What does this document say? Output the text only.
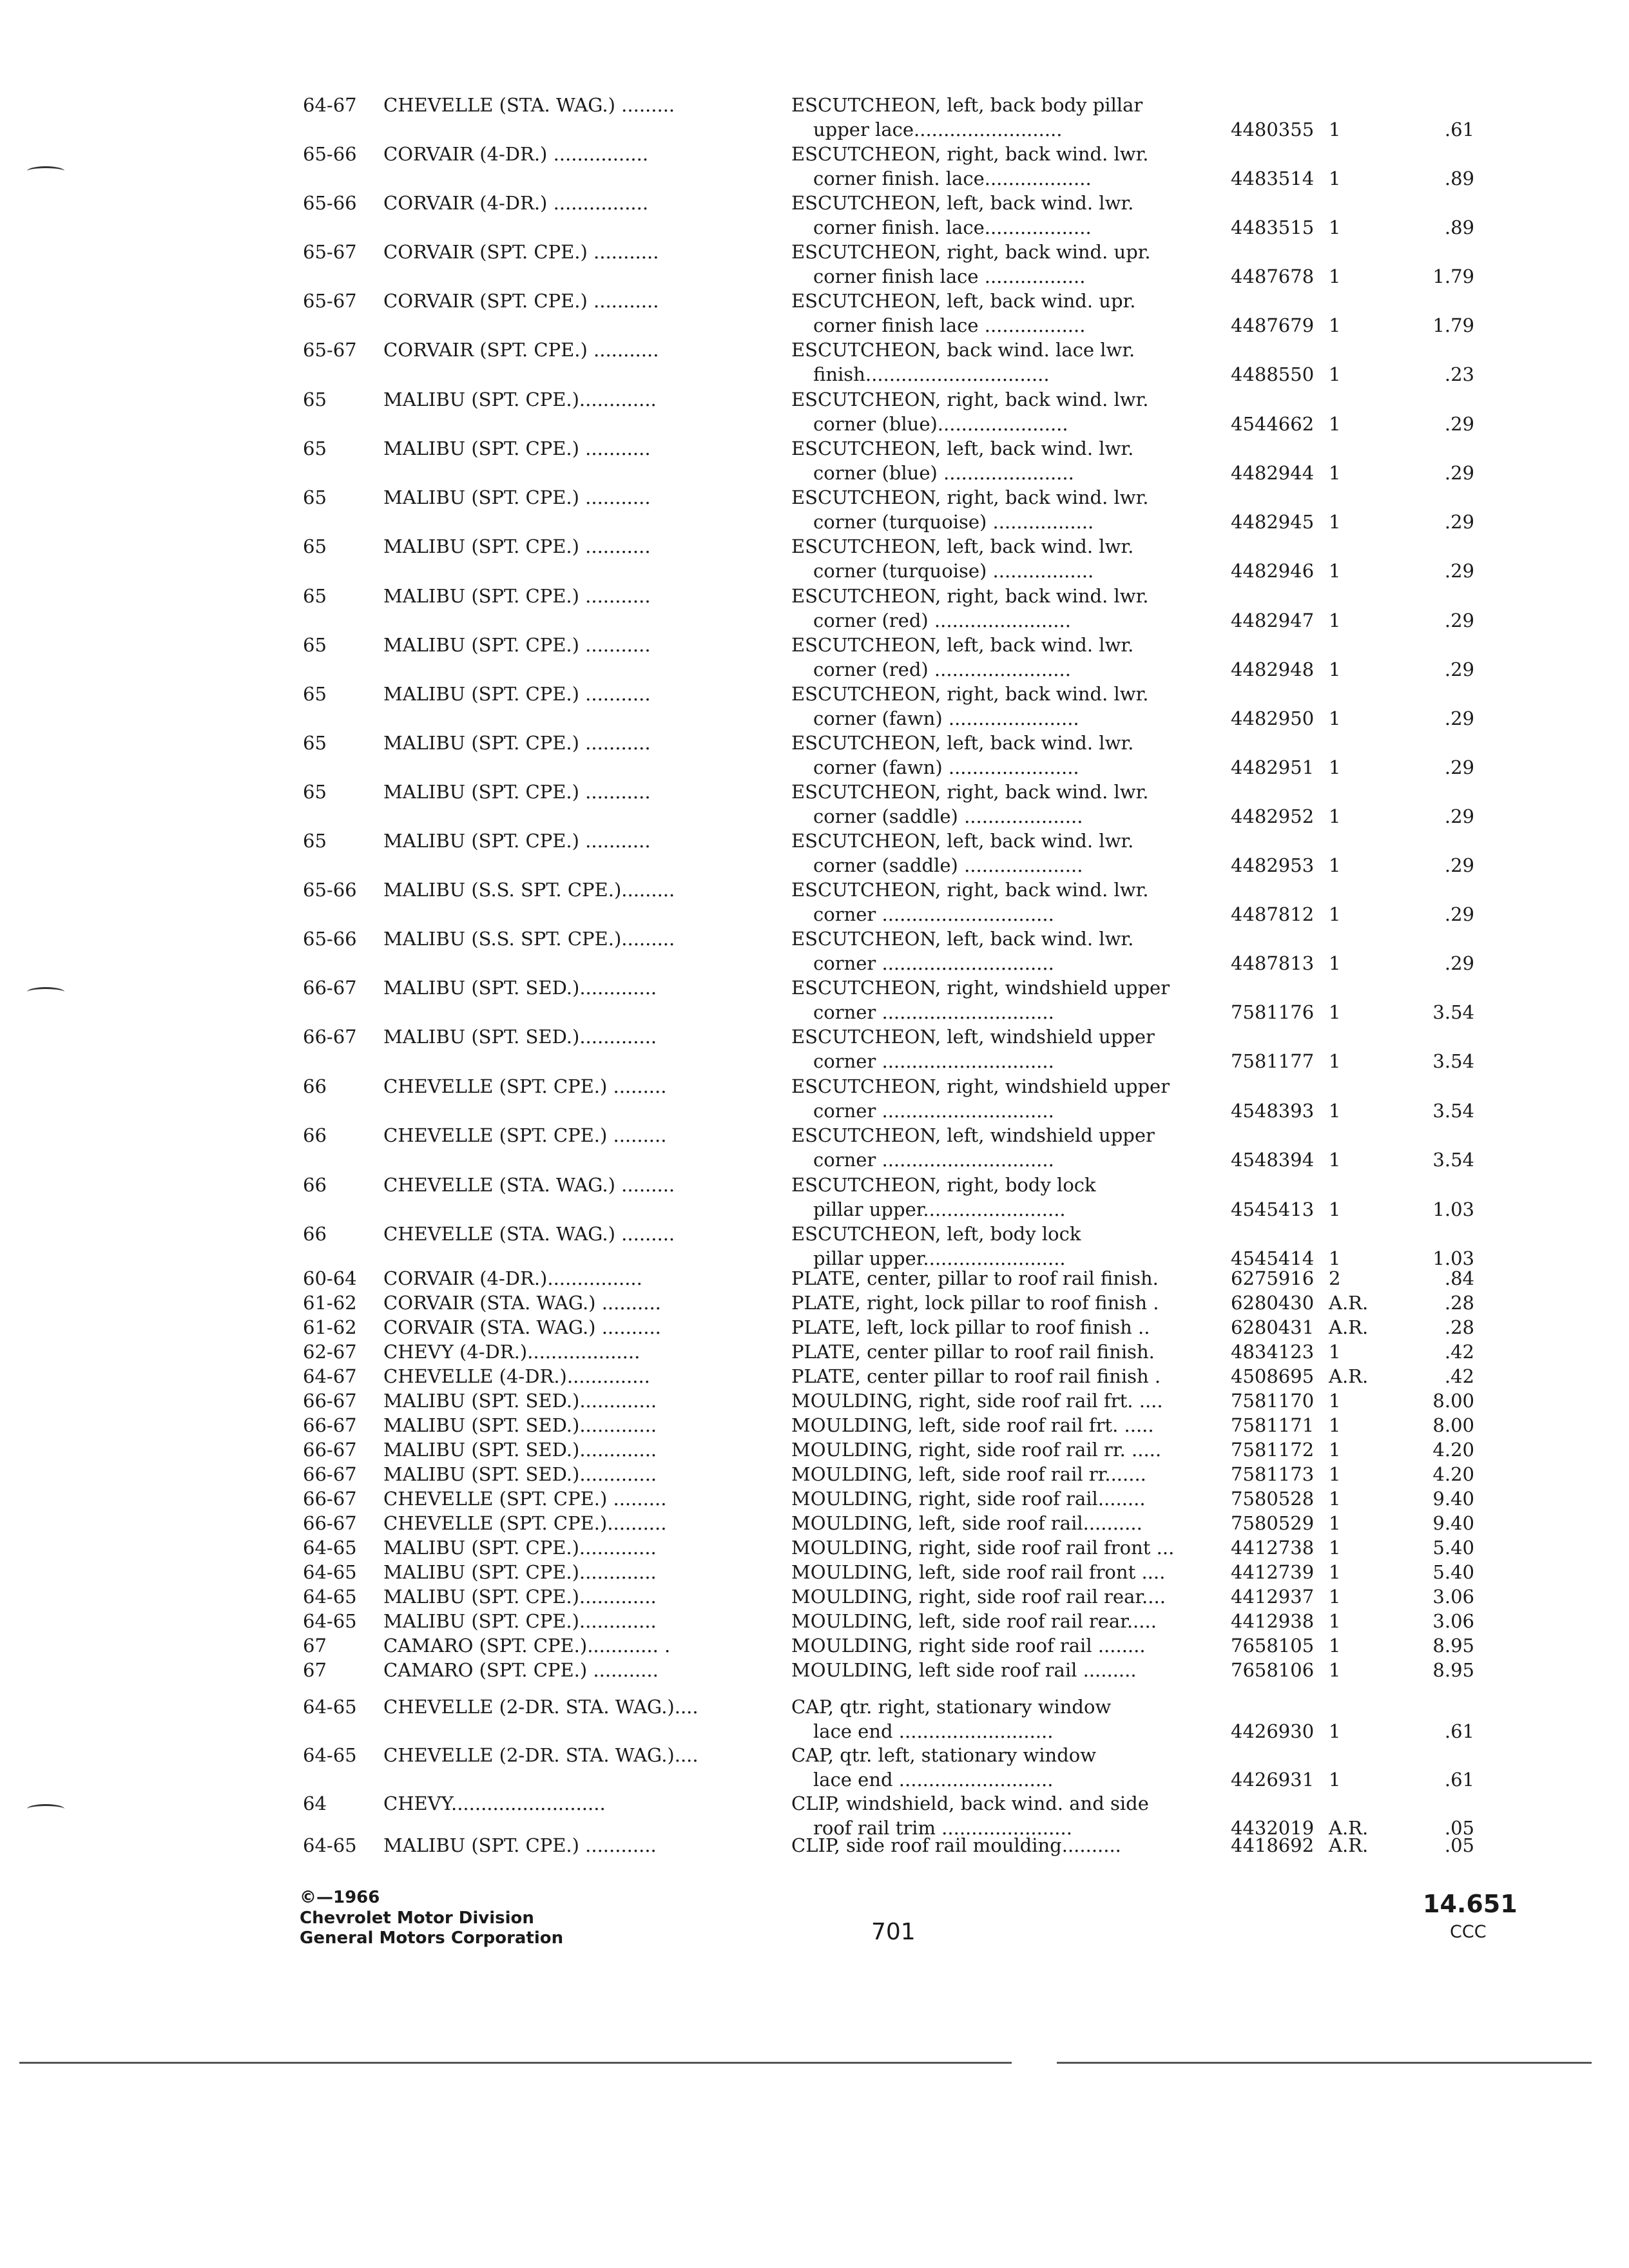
64-67 CHEVELLE (STA. WAG.) .........	ESCUTCHEON, left, back body pillar
upper lace.........................	4480355 1	.61
65-66 CORVAIR (4-DR.) ................	ESCUTCHEON, right, back wind. lwr.
corner finish. lace..................	4483514 1	.89
65-66 CORVAIR (4-DR.) ................	ESCUTCHEON, left, back wind. lwr.
corner finish. lace..................	4483515 1	.89
65-67 CORVAIR (SPT. CPE.) ...........	ESCUTCHEON, right, back wind. upr.
corner finish lace .................	4487678 1	1.79
65-67 CORVAIR (SPT. CPE.) ...........	ESCUTCHEON, left, back wind. upr.
corner finish lace .................	4487679 1	1.79
65-67 CORVAIR (SPT. CPE.) ...........	ESCUTCHEON, back wind. lace lwr.
finish...............................	4488550 1	.23
65	MALIBU (SPT. CPE.).............	ESCUTCHEON, right, back wind. lwr.
corner (blue)......................	4544662 1	.29
65	MALIBU (SPT. CPE.) ...........	ESCUTCHEON, left, back wind. lwr.
corner (blue) ......................	4482944 1	.29
65	MALIBU (SPT. CPE.) ...........	ESCUTCHEON, right, back wind. lwr.
corner (turquoise) .................	4482945 1	.29
65	MALIBU (SPT. CPE.) ...........	ESCUTCHEON, left, back wind. lwr.
corner (turquoise) .................	4482946 1	.29
65	MALIBU (SPT. CPE.) ...........	ESCUTCHEON, right, back wind. lwr.
corner (red) .......................	4482947 1	.29
65	MALIBU (SPT. CPE.) ...........	ESCUTCHEON, left, back wind. lwr.
corner (red) .......................	4482948 1	.29
65	MALIBU (SPT. CPE.) ...........	ESCUTCHEON, right, back wind. lwr.
corner (fawn) ......................	4482950 1	.29
65	MALIBU (SPT. CPE.) ...........	ESCUTCHEON, left, back wind. lwr.
corner (fawn) ......................	4482951 1	.29
65	MALIBU (SPT. CPE.) ...........	ESCUTCHEON, right, back wind. lwr.
corner (saddle) ....................	4482952 1	.29
65	MALIBU (SPT. CPE.) ...........	ESCUTCHEON, left, back wind. lwr.
corner (saddle) ....................	4482953 1	.29
65-66 MALIBU (S.S. SPT. CPE.).........	ESCUTCHEON, right, back wind. lwr.
corner .............................	4487812 1	.29
65-66 MALIBU (S.S. SPT. CPE.).........	ESCUTCHEON, left, back wind. lwr.
corner .............................	4487813 1	.29
66-67 MALIBU (SPT. SED.).............	ESCUTCHEON, right, windshield upper
corner .............................	7581176 1	3.54
66-67 MALIBU (SPT. SED.).............	ESCUTCHEON, left, windshield upper
corner .............................	7581177 1	3.54
66	CHEVELLE (SPT. CPE.) .........	ESCUTCHEON, right, windshield upper
corner .............................	4548393 1	3.54
66	CHEVELLE (SPT. CPE.) .........	ESCUTCHEON, left, windshield upper
corner .............................	4548394 1	3.54
66	CHEVELLE (STA. WAG.) .........	ESCUTCHEON, right, body lock
pillar upper........................	4545413 1	1.03
66	CHEVELLE (STA. WAG.) .........	ESCUTCHEON, left, body lock
pillar upper........................	4545414 1	1.03
60-64 CORVAIR (4-DR.)................	PLATE, center, pillar to roof rail finish.	6275916 2	.84
61-62 CORVAIR (STA. WAG.) ..........	PLATE, right, lock pillar to roof finish .	6280430 A.R.	.28
61-62 CORVAIR (STA. WAG.) ..........	PLATE, left, lock pillar to roof finish ..	6280431 A.R.	.28
62-67 CHEVY (4-DR.)...................	PLATE, center pillar to roof rail finish.	4834123 1	.42
64-67 CHEVELLE (4-DR.)..............	PLATE, center pillar to roof rail finish .	4508695 A.R.	.42
66-67 MALIBU (SPT. SED.).............	MOULDING, right, side roof rail frt. ....	7581170 1	8.00
66-67 MALIBU (SPT. SED.).............	MOULDING, left, side roof rail frt. .....	7581171 1	8.00
66-67 MALIBU (SPT. SED.).............	MOULDING, right, side roof rail rr. .....	7581172 1	4.20
66-67 MALIBU (SPT. SED.).............	MOULDING, left, side roof rail rr.......	7581173 1	4.20
66-67 CHEVELLE (SPT. CPE.) .........	MOULDING, right, side roof rail........	7580528 1	9.40
66-67 CHEVELLE (SPT. CPE.)..........	MOULDING, left, side roof rail..........	7580529 1	9.40
64-65 MALIBU (SPT. CPE.).............	MOULDING, right, side roof rail front ...	4412738 1	5.40
64-65 MALIBU (SPT. CPE.).............	MOULDING, left, side roof rail front ....	4412739 1	5.40
64-65 MALIBU (SPT. CPE.).............	MOULDING, right, side roof rail rear....	4412937 1	3.06
64-65 MALIBU (SPT. CPE.).............	MOULDING, left, side roof rail rear.....	4412938 1	3.06
67	CAMARO (SPT. CPE.)............ .	MOULDING, right side roof rail ........	7658105 1	8.95
67	CAMARO (SPT. CPE.) ...........	MOULDING, left side roof rail .........	7658106 1	8.95
64-65 CHEVELLE (2-DR. STA. WAG.)....	CAP, qtr. right, stationary window
lace end ..........................	4426930 1	.61
64-65 CHEVELLE (2-DR. STA. WAG.)....	CAP, qtr. left, stationary window
lace end ..........................	4426931 1	.61
64	CHEVY..........................	CLIP, windshield, back wind. and side
roof rail trim ......................	4432019 A.R.	.05
64-65 MALIBU (SPT. CPE.) ............	CLIP, side roof rail moulding..........	4418692 A.R.	.05
©—1966
Chevrolet Motor Division
General Motors Corporation	701
14.651
CCC
